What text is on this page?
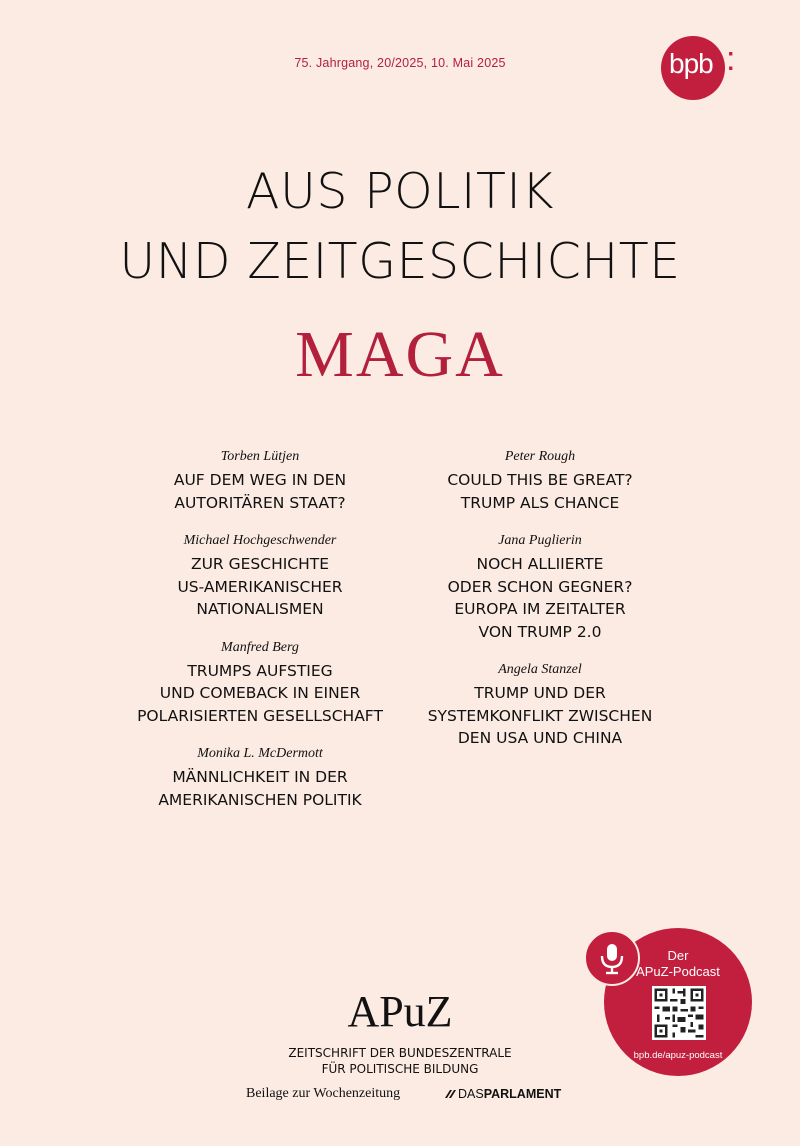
75. Jahrgang, 20/2025, 10. Mai 2025	bpb :
AUS POLITIK
UND ZEITGESCHICHTE
MAGA
Torben Lütjen
AUF DEM WEG IN DEN
AUTORITÄREN STAAT?
Michael Hochgeschwender
ZUR GESCHICHTE
US-AMERIKANISCHER
NATIONALISMEN
Manfred Berg
TRUMPS AUFSTIEG
UND COMEBACK IN EINER
POLARISIERTEN GESELLSCHAFT
Monika L. McDermott
MÄNNLICHKEIT IN DER
AMERIKANISCHEN POLITIK
Peter Rough
COULD THIS BE GREAT?
TRUMP ALS CHANCE
Jana Puglierin
NOCH ALLIIERTE
ODER SCHON GEGNER?
EUROPA IM ZEITALTER
VON TRUMP 2.0
Angela Stanzel
TRUMP UND DER
SYSTEMKONFLIKT ZWISCHEN
DEN USA UND CHINA
Der
APuZ-Podcast
bpb.de/apuz-podcast
APuZ
ZEITSCHRIFT DER BUNDESZENTRALE
FÜR POLITISCHE BILDUNG
Beilage zur Wochenzeitung	DASPARLAMENT
